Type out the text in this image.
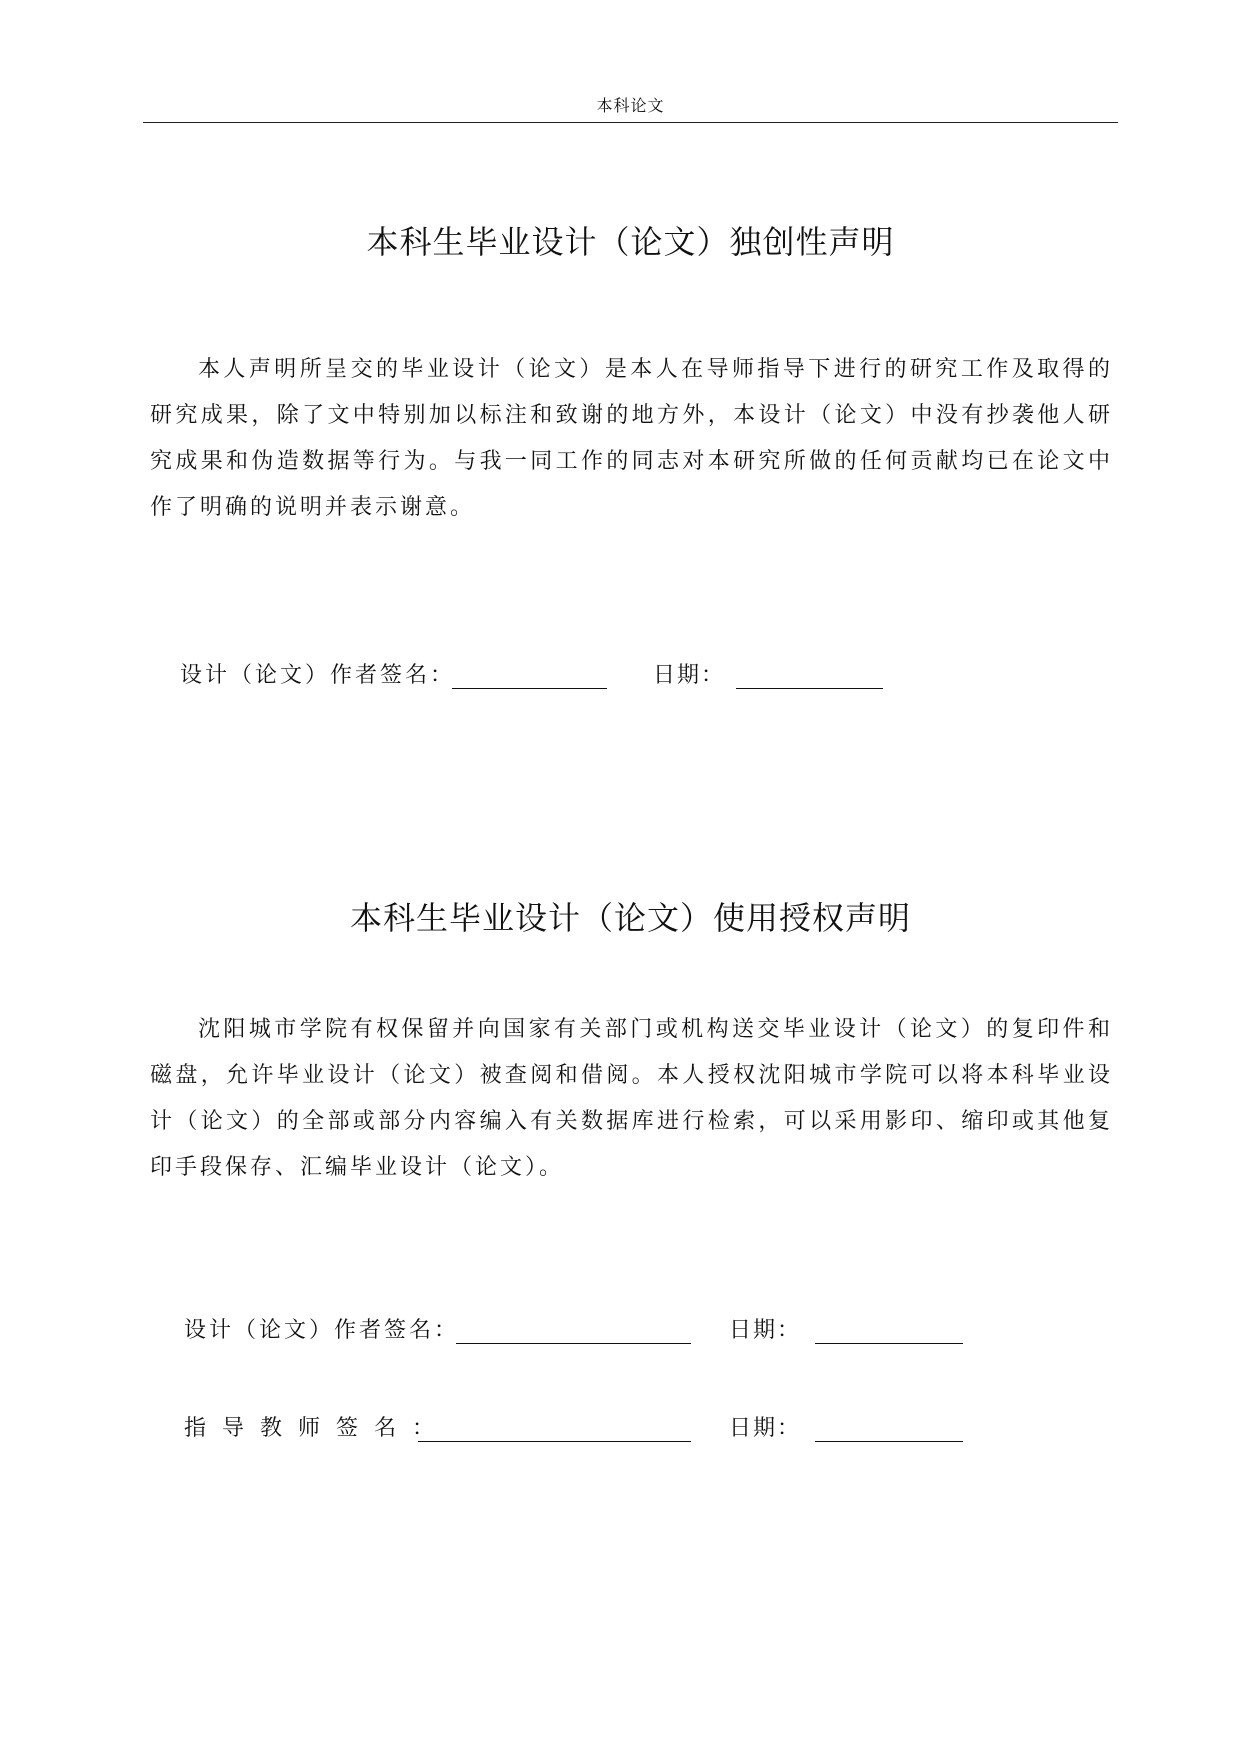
本科论文
本科生毕业设计（论文）独创性声明
本人声明所呈交的毕业设计（论文）是本人在导师指导下进行的研究工作及取得的研究成果，除了文中特别加以标注和致谢的地方外，本设计（论文）中没有抄袭他人研究成果和伪造数据等行为。与我一同工作的同志对本研究所做的任何贡献均已在论文中作了明确的说明并表示谢意。
设计（论文）作者签名：	日期：
本科生毕业设计（论文）使用授权声明
沈阳城市学院有权保留并向国家有关部门或机构送交毕业设计（论文）的复印件和磁盘，允许毕业设计（论文）被查阅和借阅。本人授权沈阳城市学院可以将本科毕业设计（论文）的全部或部分内容编入有关数据库进行检索，可以采用影印、缩印或其他复印手段保存、汇编毕业设计（论文）。
设计（论文）作者签名：	日期：
指导教师签名：	日期：
